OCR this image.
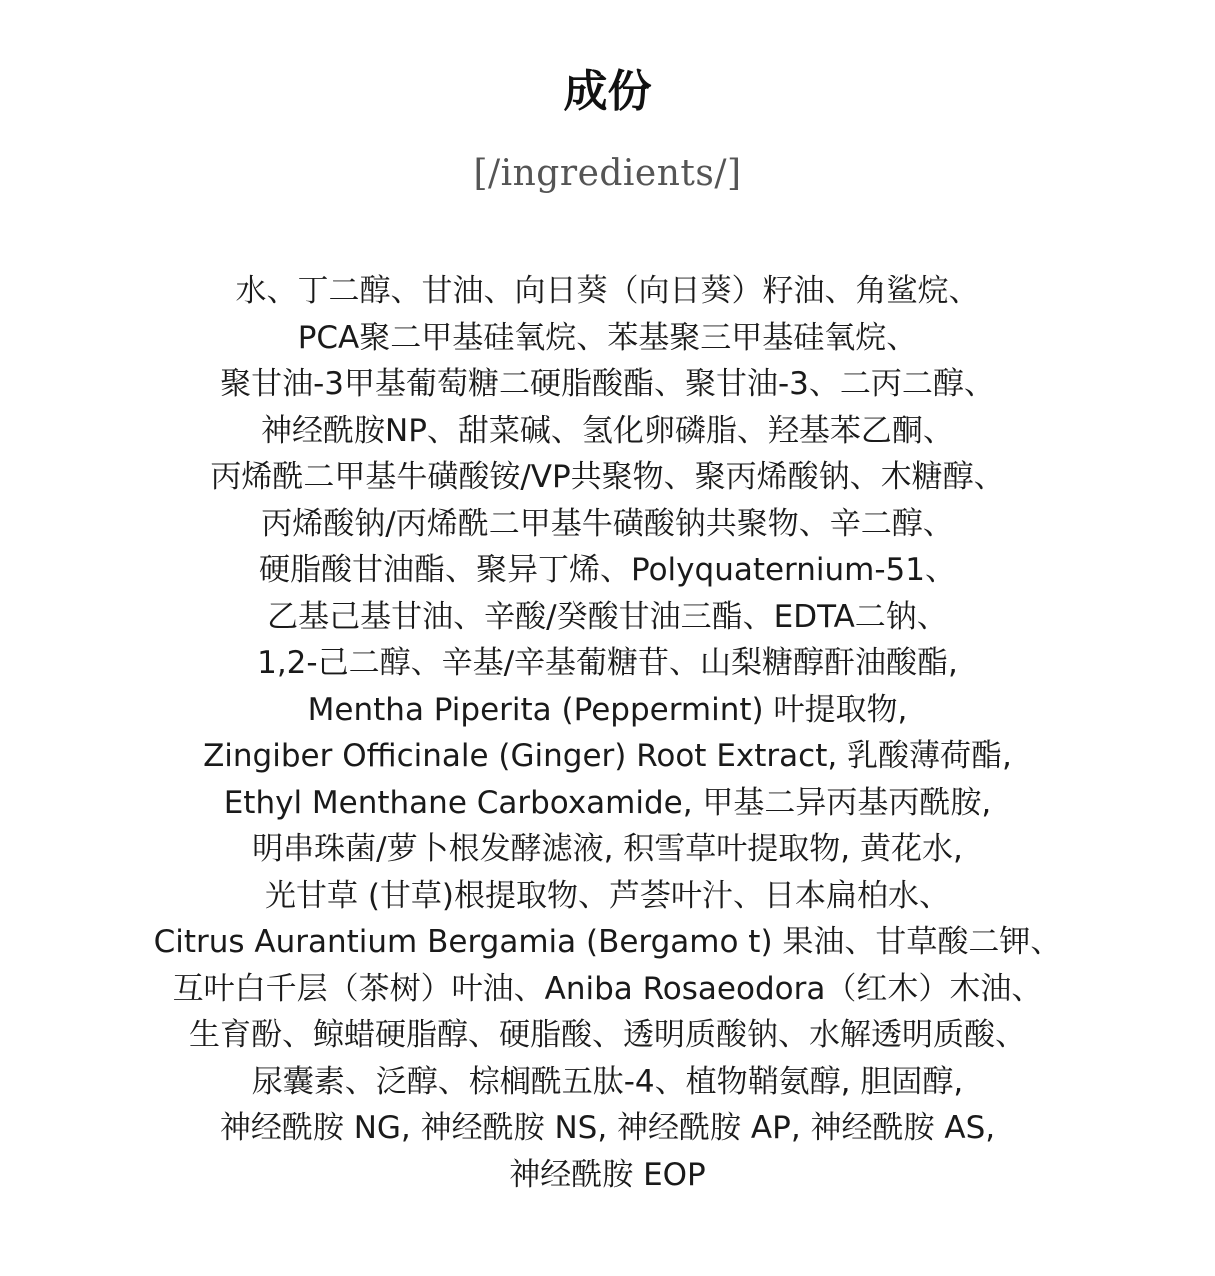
成份
[/ingredients/]
水、丁二醇、甘油、向日葵（向日葵）籽油、角鲨烷、
PCA聚二甲基硅氧烷、苯基聚三甲基硅氧烷、
聚甘油-3甲基葡萄糖二硬脂酸酯、聚甘油-3、二丙二醇、
神经酰胺NP、甜菜碱、氢化卵磷脂、羟基苯乙酮、
丙烯酰二甲基牛磺酸铵/VP共聚物、聚丙烯酸钠、木糖醇、
丙烯酸钠/丙烯酰二甲基牛磺酸钠共聚物、辛二醇、
硬脂酸甘油酯、聚异丁烯、Polyquaternium-51、
乙基己基甘油、辛酸/癸酸甘油三酯、EDTA二钠、
1,2-己二醇、辛基/辛基葡糖苷、山梨糖醇酐油酸酯,
Mentha Piperita (Peppermint) 叶提取物,
Zingiber Officinale (Ginger) Root Extract, 乳酸薄荷酯,
Ethyl Menthane Carboxamide, 甲基二异丙基丙酰胺,
明串珠菌/萝卜根发酵滤液, 积雪草叶提取物, 黄花水,
光甘草 (甘草)根提取物、芦荟叶汁、日本扁柏水、
Citrus Aurantium Bergamia (Bergamo t) 果油、甘草酸二钾、
互叶白千层（茶树）叶油、Aniba Rosaeodora（红木）木油、
生育酚、鲸蜡硬脂醇、硬脂酸、透明质酸钠、水解透明质酸、
尿囊素、泛醇、棕榈酰五肽-4、植物鞘氨醇, 胆固醇,
神经酰胺 NG, 神经酰胺 NS, 神经酰胺 AP, 神经酰胺 AS,
神经酰胺 EOP
